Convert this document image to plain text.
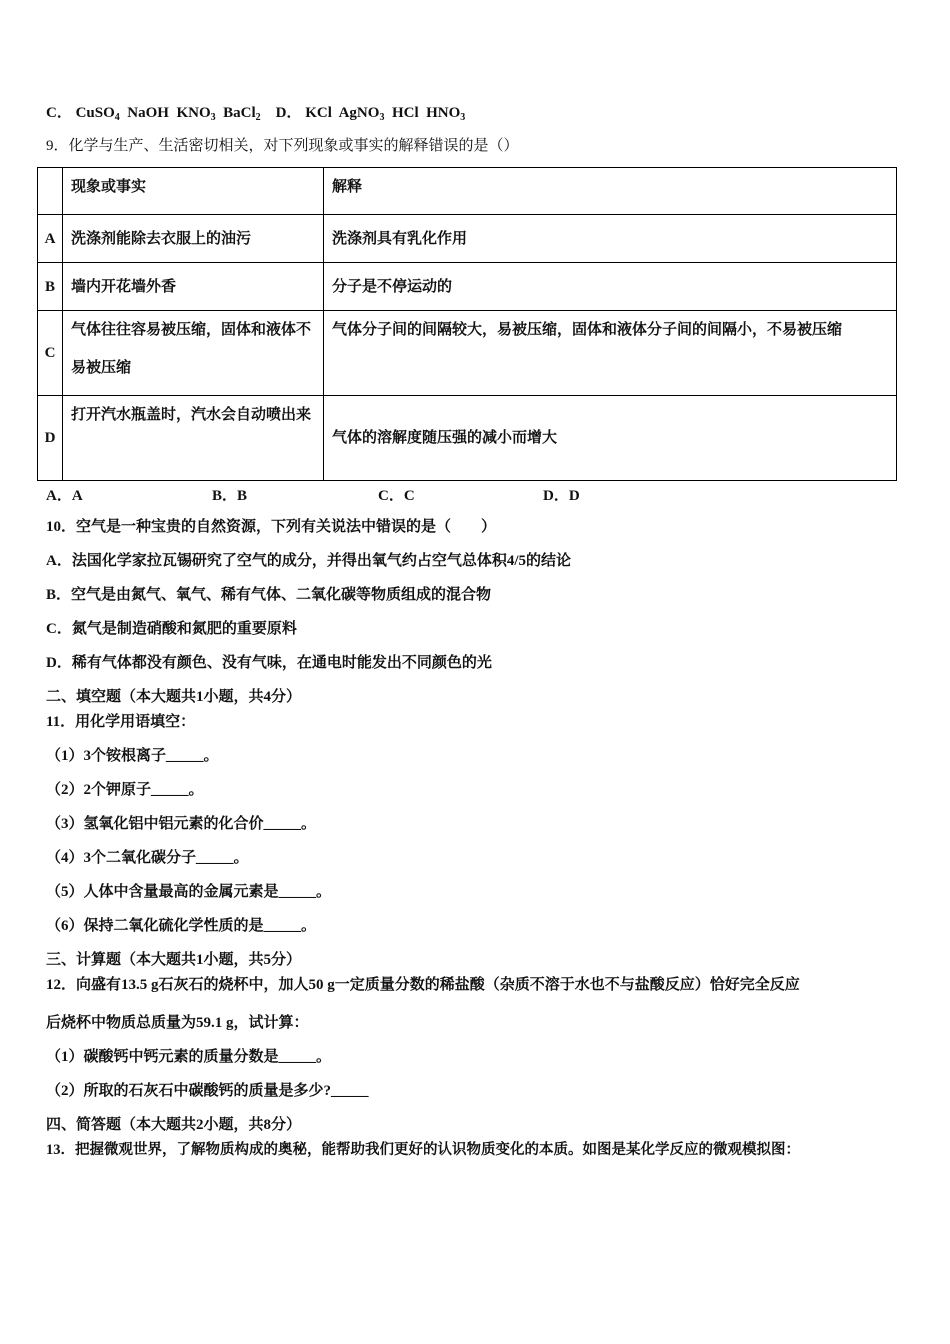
C． CuSO$_4$ NaOH $KNO_3$ BaCl$_2$ D． KCl AgNO$_3$ HCl $HNO_3$
9．化学与生产、生活密切相关，对下列现象或事实的解释错误的是（）
	现象或事实	解释
A	洗涤剂能除去衣服上的油污	洗涤剂具有乳化作用
B	墙内开花墙外香	分子是不停运动的
C	气体往往容易被压缩，固体和液体不易被压缩	气体分子间的间隔较大，易被压缩，固体和液体分子间的间隔小，不易被压缩
D	打开汽水瓶盖时，汽水会自动喷出来	气体的溶解度随压强的减小而增大
A．A	B．B	C．C	D．D
10．空气是一种宝贵的自然资源，下列有关说法中错误的是（　　）
A．法国化学家拉瓦锡研究了空气的成分，并得出氧气约占空气总体积4/5的结论
B．空气是由氮气、氧气、稀有气体、二氧化碳等物质组成的混合物
C．氮气是制造硝酸和氮肥的重要原料
D．稀有气体都没有颜色、没有气味，在通电时能发出不同颜色的光
二、填空题（本大题共1小题，共4分）
11．用化学用语填空：
（1）3个铵根离子_____。
（2）2个钾原子_____。
（3）氢氧化铝中铝元素的化合价_____。
（4）3个二氧化碳分子_____。
（5）人体中含量最高的金属元素是_____。
（6）保持二氧化硫化学性质的是_____。
三、计算题（本大题共1小题，共5分）
12．向盛有13.5 g石灰石的烧杯中，加人50 g一定质量分数的稀盐酸（杂质不溶于水也不与盐酸反应）恰好完全反应
后烧杯中物质总质量为59.1 g，试计算：
（1）碳酸钙中钙元素的质量分数是_____。
（2）所取的石灰石中碳酸钙的质量是多少?_____
四、简答题（本大题共2小题，共8分）
13．把握微观世界，了解物质构成的奥秘，能帮助我们更好的认识物质变化的本质。如图是某化学反应的微观模拟图：
